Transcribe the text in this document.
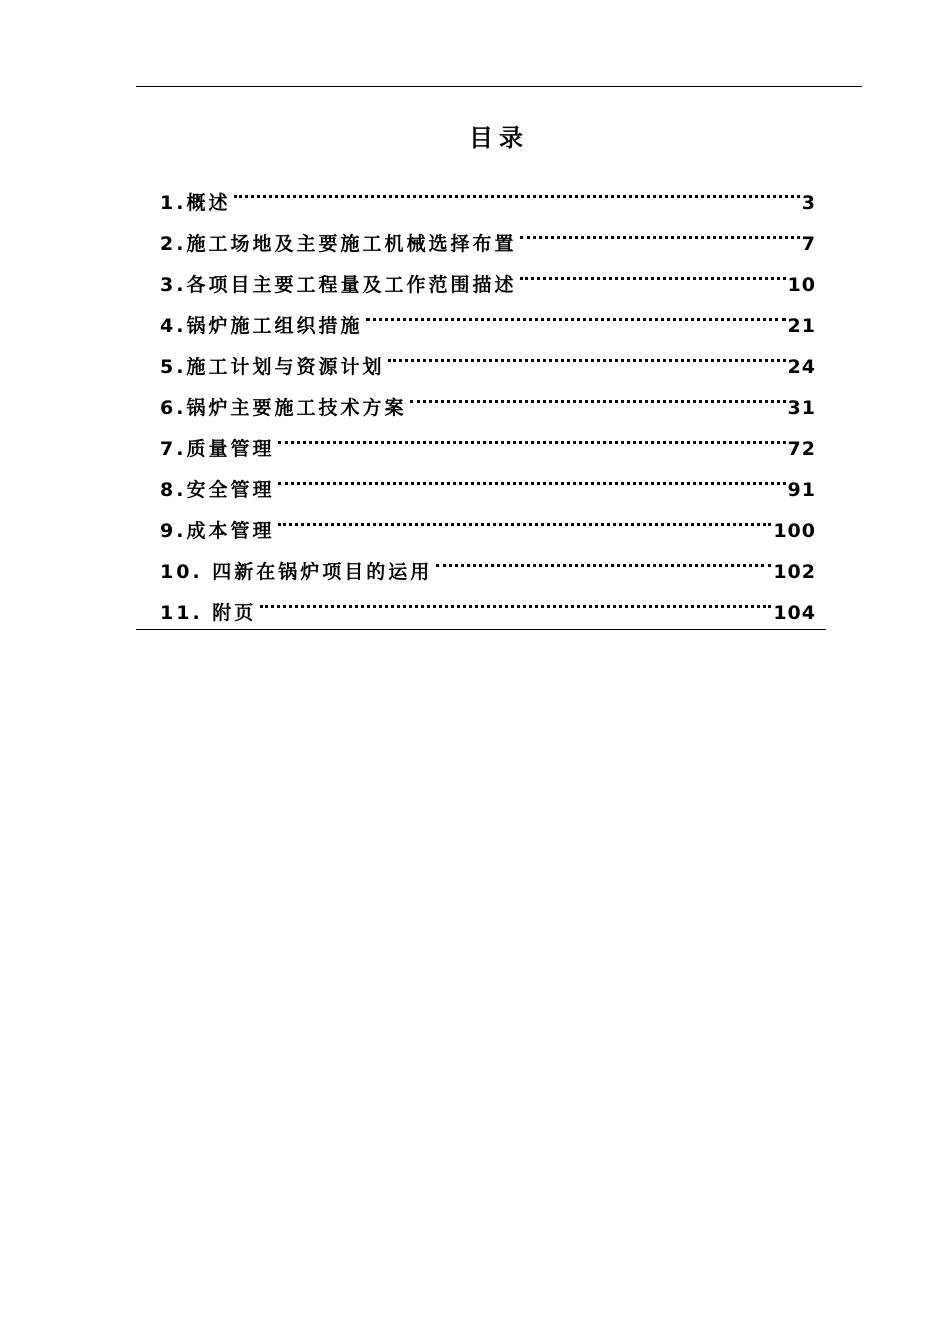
目录
1.概述	3
2.施工场地及主要施工机械选择布置	7
3.各项目主要工程量及工作范围描述	10
4.锅炉施工组织措施	21
5.施工计划与资源计划	24
6.锅炉主要施工技术方案	31
7.质量管理	72
8.安全管理	91
9.成本管理	100
10. 四新在锅炉项目的运用	102
11. 附页	104
